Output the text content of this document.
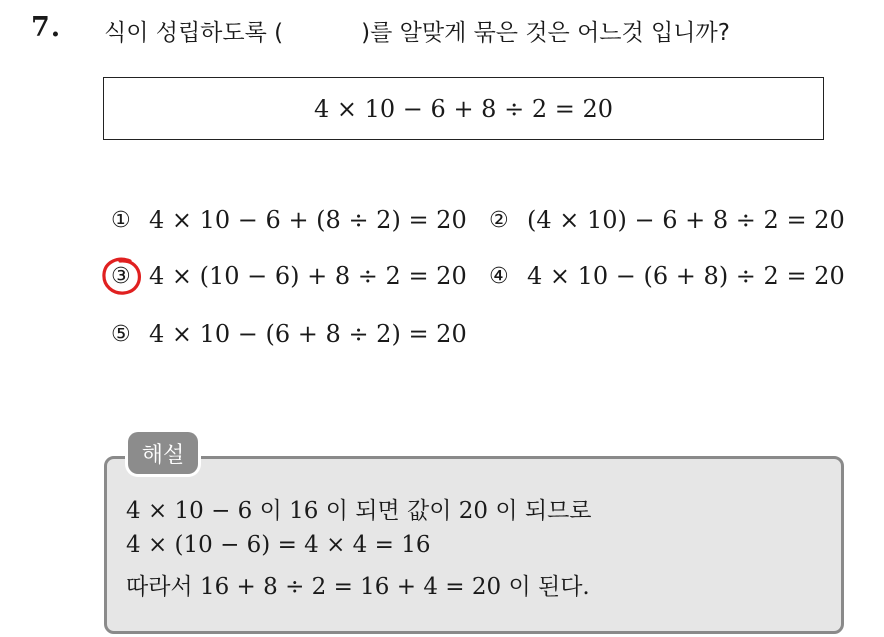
7. 식이 성립하도록 (	)를 알맞게 묶은 것은 어느것 입니까?
4 × 10 − 6 + 8 ÷ 2 = 20
① 4 × 10 − 6 + (8 ÷ 2) = 20 ② (4 × 10) − 6 + 8 ÷ 2 = 20
③ 4 × (10 − 6) + 8 ÷ 2 = 20 ④ 4 × 10 − (6 + 8) ÷ 2 = 20
⑤ 4 × 10 − (6 + 8 ÷ 2) = 20
해설
4 × 10 − 6 이 16 이 되면 값이 20 이 되므로
4 × (10 − 6) = 4 × 4 = 16
따라서 16 + 8 ÷ 2 = 16 + 4 = 20 이 된다.
